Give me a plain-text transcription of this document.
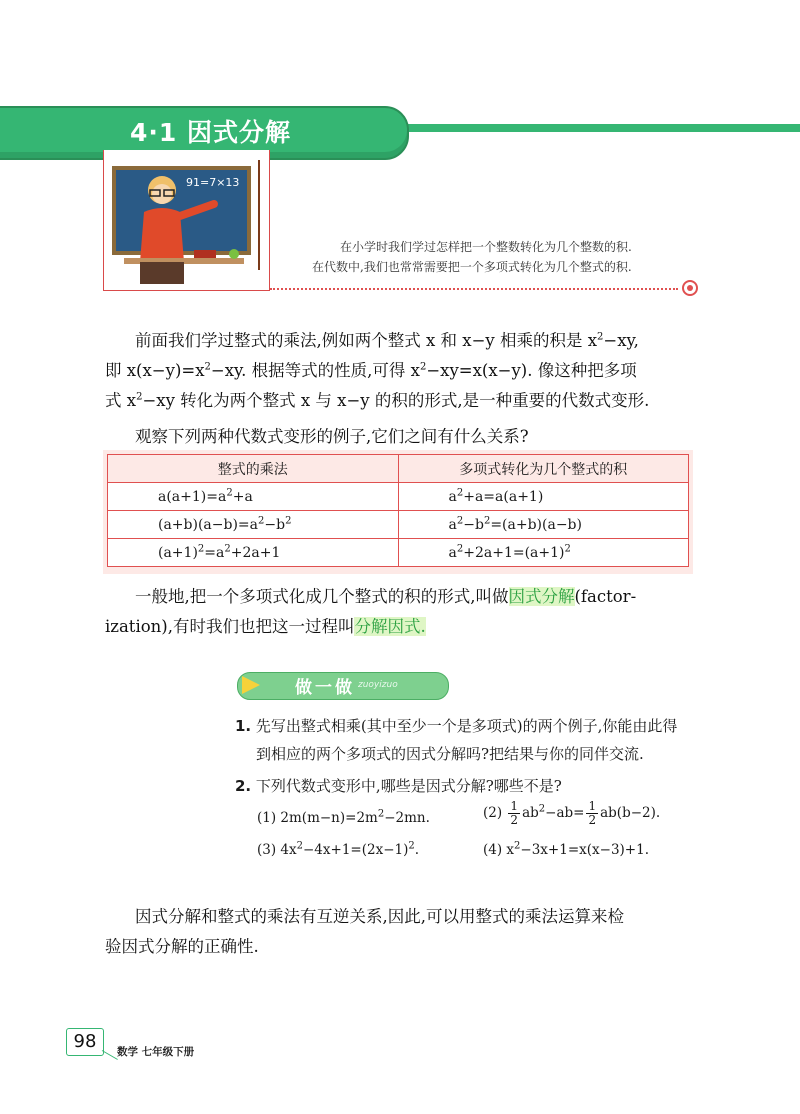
4·1 因式分解
91=7×13
在小学时我们学过怎样把一个整数转化为几个整数的积.
在代数中,我们也常常需要把一个多项式转化为几个整式的积.
前面我们学过整式的乘法,例如两个整式 x 和 x−y 相乘的积是 $x^2-xy$,
即 $x(x-y)=x^2-xy$. 根据等式的性质,可得 $x^2-xy=x(x-y)$. 像这种把多项
式 $x^2-xy$ 转化为两个整式 x 与 x−y 的积的形式,是一种重要的代数式变形.
观察下列两种代数式变形的例子,它们之间有什么关系?
整式的乘法	多项式转化为几个整式的积
$a(a+1)=a^2+a$	$a^2+a=a(a+1)$
$(a+b)(a-b)=a^2-b^2$	$a^2-b^2=(a+b)(a-b)$
$(a+1)^2=a^2+2a+1$	$a^2+2a+1=(a+1)^2$
一般地,把一个多项式化成几个整式的积的形式,叫做因式分解(factor-
ization),有时我们也把这一过程叫分解因式.
做一做 zuoyizuo
1. 先写出整式相乘(其中至少一个是多项式)的两个例子,你能由此得
到相应的两个多项式的因式分解吗?把结果与你的同伴交流.
2. 下列代数式变形中,哪些是因式分解?哪些不是?
(1) $2m(m-n)=2m^2-2mn$.	$(2) \frac{1}{2} ab^2-ab= \frac{1}{2} ab(b-2)$.
(3) $4x^2-4x+1=(2x-1)^2$.	(4) $x^2-3x+1=x(x-3)+1$.
因式分解和整式的乘法有互逆关系,因此,可以用整式的乘法运算来检
验因式分解的正确性.
98	数学 七年级下册
